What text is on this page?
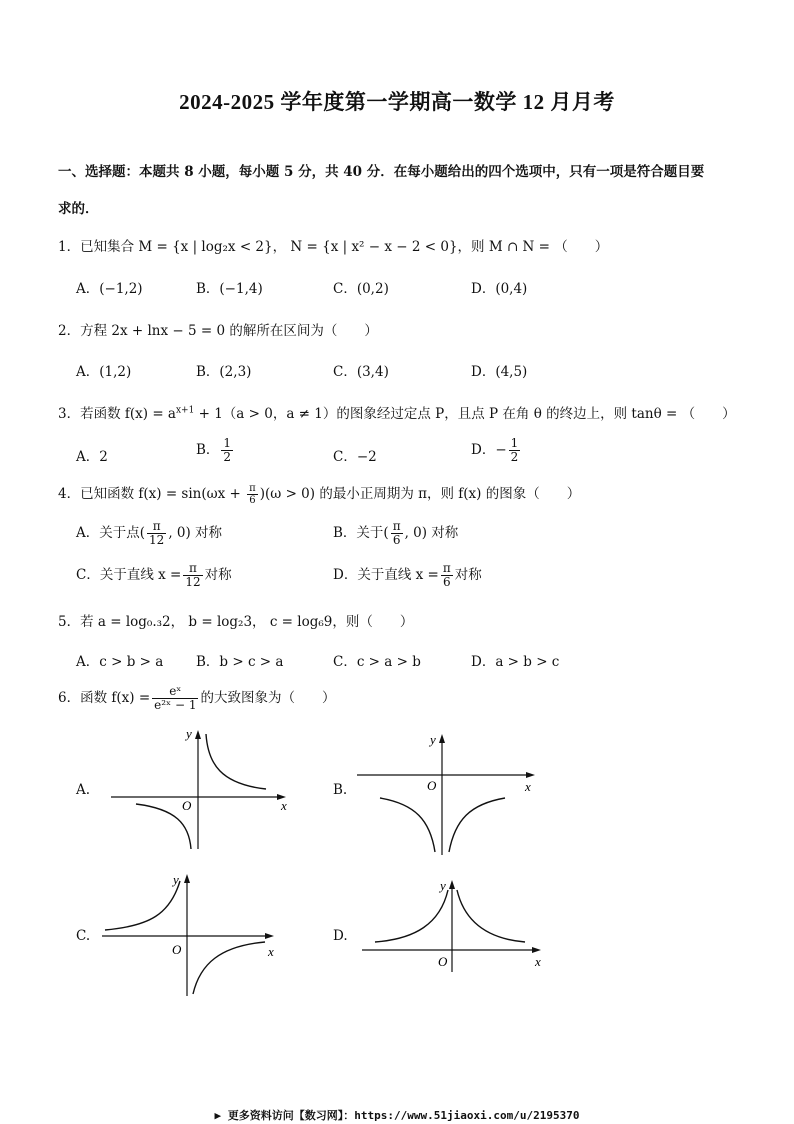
2024-2025 学年度第一学期高一数学 12 月月考
一、选择题：本题共 8 小题，每小题 5 分，共 40 分．在每小题给出的四个选项中，只有一项是符合题目要
求的．
1．已知集合 M = {x | log₂x < 2}， N = {x | x² − x − 2 < 0}，则 M ∩ N = （　　）
A．(−1,2)	B．(−1,4)	C．(0,2)	D．(0,4)
2．方程 2x + lnx − 5 = 0 的解所在区间为（　　）
A．(1,2)	B．(2,3)	C．(3,4)	D．(4,5)
3．若函数 $f(x) = a^{x+1} + 1(a > 0$，a ≠ 1）的图象经过定点 P，且点 P 在角 θ 的终边上，则 tanθ = （　　）
A．2	B． $\frac{1}{2}$	C．−2	D．− $\frac{1}{2}$
4．已知函数 $f(x) = \sin(\omega x + \frac{\pi}{6} )(\omega > 0)$ 的最小正周期为 π，则 f(x) 的图象（　　）
A．关于点( $\frac{\pi}{12}$ , 0) 对称	B．关于( $\frac{\pi}{6}$ , 0) 对称
C．关于直线 $x = \frac{\pi}{12}$ 对称	D．关于直线 $x = \frac{\pi}{6}$ 对称
5．若 a = log₀.₃2， b = log₂3， c = log₆9，则（　　）
A．c > b > a B．b > c > a	C．c > a > b	D．a > b > c
6．函数 $f(x) = \frac{\text{eˣ}}{\text{e²ˣ − 1}}$ 的大致图象为（　　）
A.
y
O	x
B.
y
O	x
C.
y
O	x
D.
y
O	x
▶ 更多资料访问【数习网】：https://www.51jiaoxi.com/u/2195370
